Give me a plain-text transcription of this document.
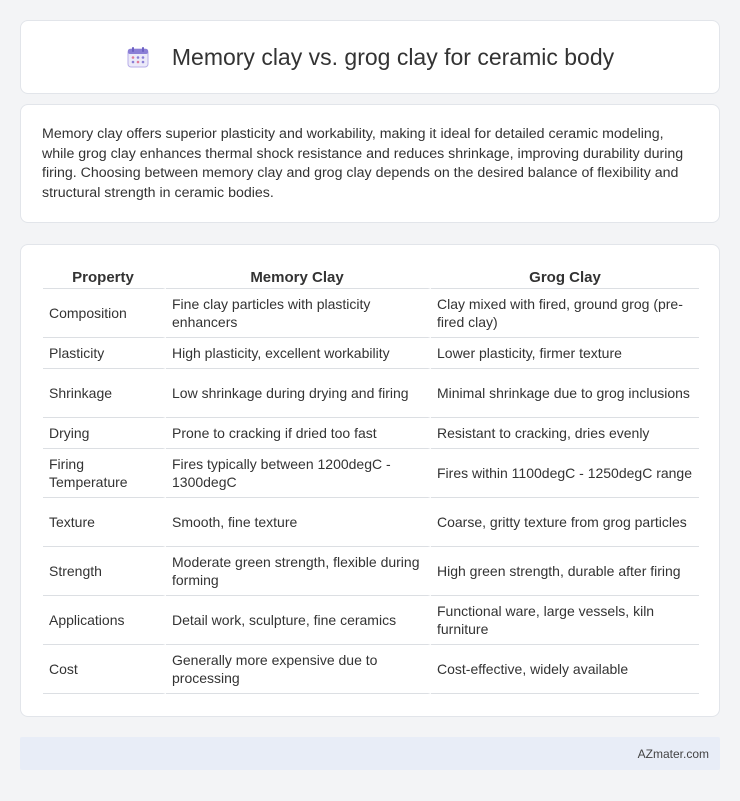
Memory clay vs. grog clay for ceramic body

Memory clay offers superior plasticity and workability, making it ideal for detailed ceramic modeling, while grog clay enhances thermal shock resistance and reduces shrinkage, improving durability during firing. Choosing between memory clay and grog clay depends on the desired balance of flexibility and structural strength in ceramic bodies.

Property	Memory Clay	Grog Clay
Composition	Fine clay particles with plasticity enhancers	Clay mixed with fired, ground grog (pre-fired clay)
Plasticity	High plasticity, excellent workability	Lower plasticity, firmer texture
Shrinkage	Low shrinkage during drying and firing	Minimal shrinkage due to grog inclusions
Drying	Prone to cracking if dried too fast	Resistant to cracking, dries evenly
Firing Temperature	Fires typically between 1200degC - 1300degC	Fires within 1100degC - 1250degC range
Texture	Smooth, fine texture	Coarse, gritty texture from grog particles
Strength	Moderate green strength, flexible during forming	High green strength, durable after firing
Applications	Detail work, sculpture, fine ceramics	Functional ware, large vessels, kiln furniture
Cost	Generally more expensive due to processing	Cost-effective, widely available
AZmater.com
